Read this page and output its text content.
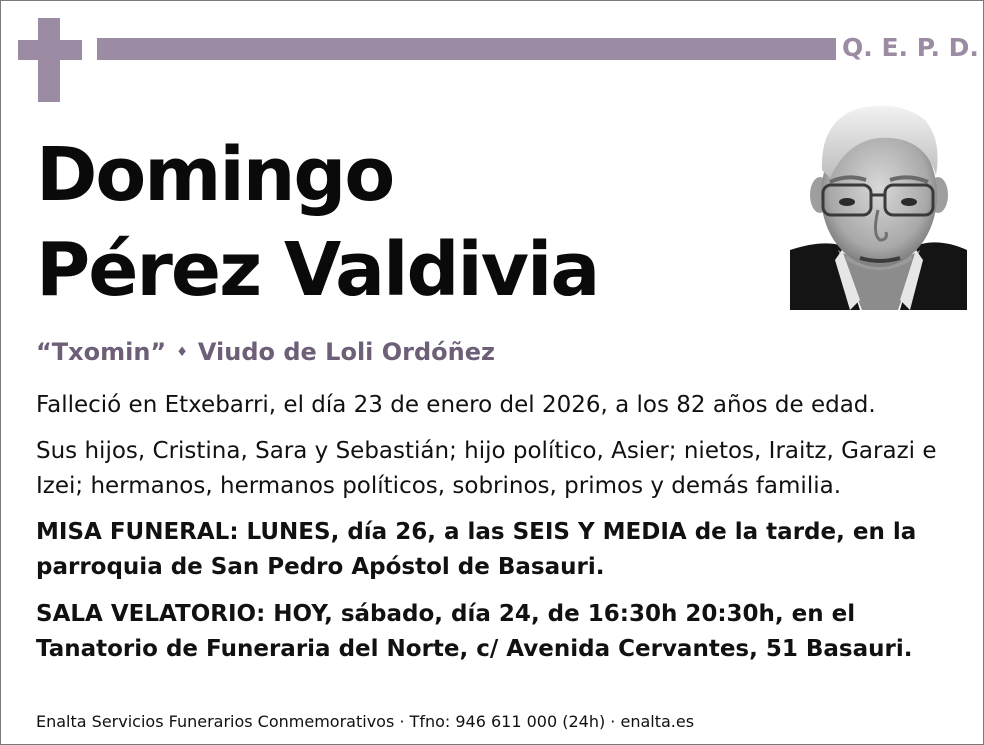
Q. E. P. D.
Domingo
Pérez Valdivia
“Txomin” ♦ Viudo de Loli Ordóñez
Falleció en Etxebarri, el día 23 de enero del 2026, a los 82 años de edad.
Sus hijos, Cristina, Sara y Sebastián; hijo político, Asier; nietos, Iraitz, Garazi e Izei; hermanos, hermanos políticos, sobrinos, primos y demás familia.
MISA FUNERAL: LUNES, día 26, a las SEIS Y MEDIA de la tarde, en la parroquia de San Pedro Apóstol de Basauri.
SALA VELATORIO: HOY, sábado, día 24, de 16:30h 20:30h, en el Tanatorio de Funeraria del Norte, c/ Avenida Cervantes, 51 Basauri.
Enalta Servicios Funerarios Conmemorativos · Tfno: 946 611 000 (24h) · enalta.es
